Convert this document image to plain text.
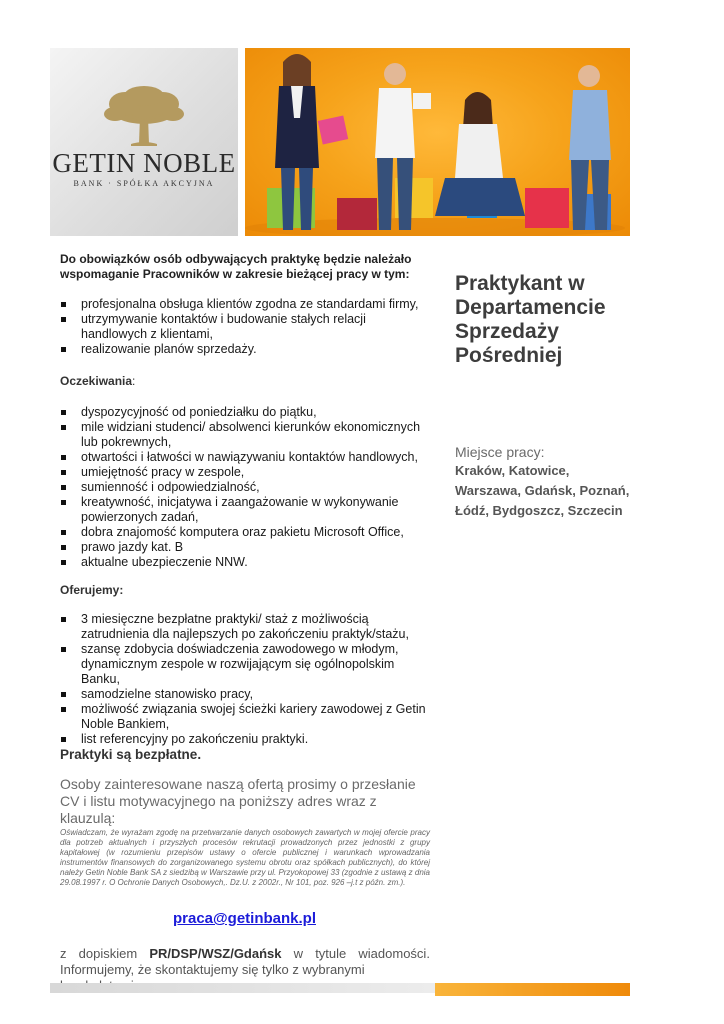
GETIN NOBLE
BANK · SPÓŁKA AKCYJNA
Do obowiązków osób odbywających praktykę będzie należało wspomaganie Pracowników w zakresie bieżącej pracy w tym:
profesjonalna obsługa klientów zgodna ze standardami firmy,
utrzymywanie kontaktów i budowanie stałych relacji handlowych z klientami,
realizowanie planów sprzedaży.
Oczekiwania:
dyspozycyjność od poniedziałku do piątku,
mile widziani studenci/ absolwenci kierunków ekonomicznych lub pokrewnych,
otwartości i łatwości w nawiązywaniu kontaktów handlowych,
umiejętność pracy w zespole,
sumienność i odpowiedzialność,
kreatywność, inicjatywa i zaangażowanie w wykonywanie powierzonych zadań,
dobra znajomość komputera oraz pakietu Microsoft Office,
prawo jazdy kat. B
aktualne ubezpieczenie NNW.
Oferujemy:
3 miesięczne bezpłatne praktyki/ staż z możliwością zatrudnienia dla najlepszych po zakończeniu praktyk/stażu,
szansę zdobycia doświadczenia zawodowego w młodym, dynamicznym zespole w rozwijającym się ogólnopolskim Banku,
samodzielne stanowisko pracy,
możliwość związania swojej ścieżki kariery zawodowej z Getin Noble Bankiem,
list referencyjny po zakończeniu praktyki.
Praktyki są bezpłatne.
Osoby zainteresowane naszą ofertą prosimy o przesłanie CV i listu motywacyjnego na poniższy adres wraz z klauzulą:
Oświadczam, że wyrażam zgodę na przetwarzanie danych osobowych zawartych w mojej ofercie pracy dla potrzeb aktualnych i przyszłych procesów rekrutacji prowadzonych przez jednostki z grupy kapitałowej (w rozumieniu przepisów ustawy o ofercie publicznej i warunkach wprowadzania instrumentów finansowych do zorganizowanego systemu obrotu oraz spółkach publicznych), do której należy Getin Noble Bank SA z siedzibą w Warszawie przy ul. Przyokopowej 33 (zgodnie z ustawą z dnia 29.08.1997 r. O Ochronie Danych Osobowych,. Dz.U. z 2002r., Nr 101, poz. 926 –j.t z późn. zm.).
praca@getinbank.pl
z dopiskiem PR/DSP/WSZ/Gdańsk w tytule wiadomości.
Informujemy, że skontaktujemy się tylko z wybranymi
Praktykant w Departamencie Sprzedaży Pośredniej
Miejsce pracy:
Kraków, Katowice, Warszawa, Gdańsk, Poznań, Łódź, Bydgoszcz, Szczecin
